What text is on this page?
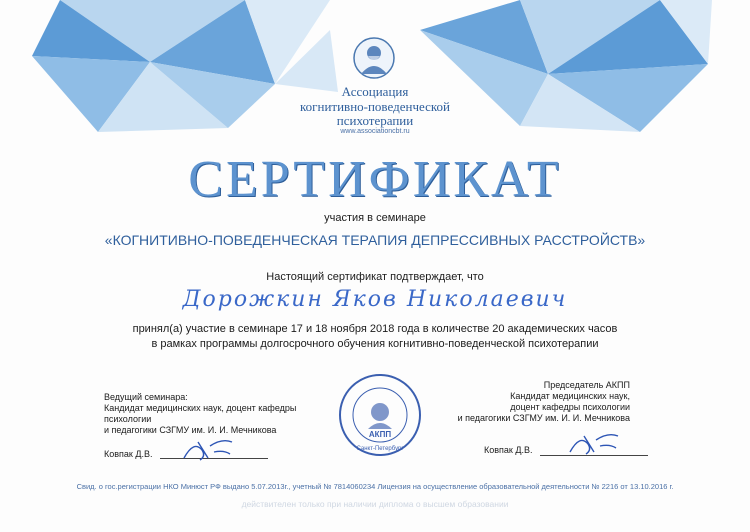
Ассоциация
когнитивно-поведенческой
психотерапии
www.associationcbt.ru
СЕРТИФИКАТ
участия в семинаре
«КОГНИТИВНО-ПОВЕДЕНЧЕСКАЯ ТЕРАПИЯ ДЕПРЕССИВНЫХ РАССТРОЙСТВ»
Настоящий сертификат подтверждает, что
Дорожкин Яков Николаевич
принял(а) участие в семинаре 17 и 18 ноября 2018 года в количестве 20 академических часов
в рамках программы долгосрочного обучения когнитивно-поведенческой психотерапии
Ведущий семинара:
Кандидат медицинских наук, доцент кафедры
психологии
и педагогики СЗГМУ им. И. И. Мечникова
Ковпак Д.В.
АКПП
Санкт-Петербург
Председатель АКПП
Кандидат медицинских наук,
доцент кафедры психологии
и педагогики СЗГМУ им. И. И. Мечникова
Ковпак Д.В.
Свид. о гос.регистрации НКО Минюст РФ выдано 5.07.2013г., учетный № 7814060234 Лицензия на осуществление образовательной деятельности № 2216 от 13.10.2016 г.
действителен только при наличии диплома о высшем образовании
